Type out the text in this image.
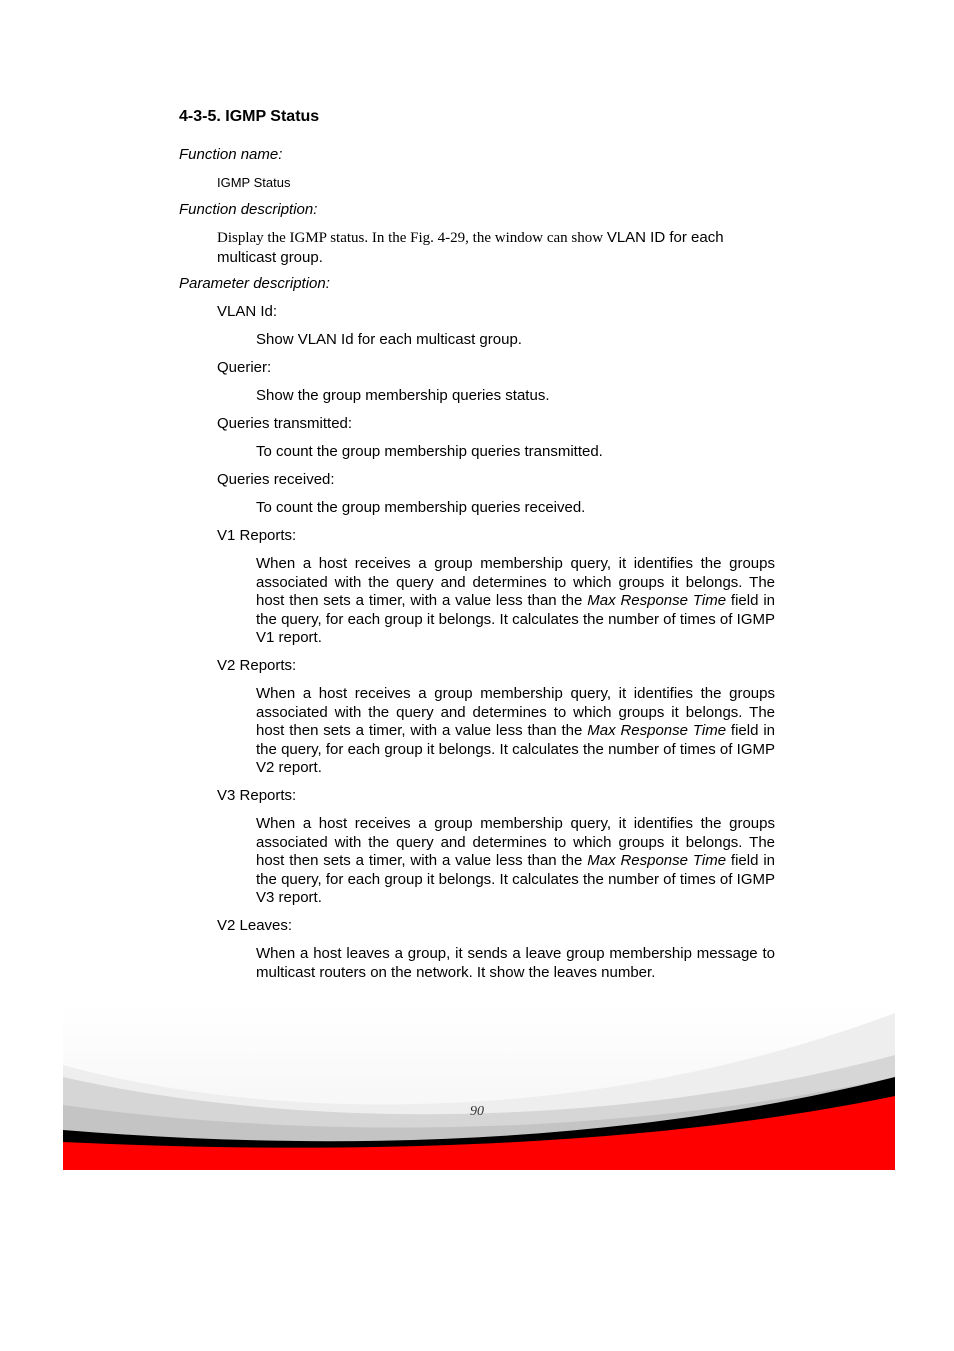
4-3-5. IGMP Status
Function name:
IGMP Status
Function description:
Display the IGMP status. In the Fig. 4-29, the window can show VLAN ID for each multicast group.
Parameter description:
VLAN Id:
Show VLAN Id for each multicast group.
Querier:
Show the group membership queries status.
Queries transmitted:
To count the group membership queries transmitted.
Queries received:
To count the group membership queries received.
V1 Reports:
When a host receives a group membership query, it identifies the groups associated with the query and determines to which groups it belongs. The host then sets a timer, with a value less than the Max Response Time field in the query, for each group it belongs. It calculates the number of times of IGMP V1 report.
V2 Reports:
When a host receives a group membership query, it identifies the groups associated with the query and determines to which groups it belongs. The host then sets a timer, with a value less than the Max Response Time field in the query, for each group it belongs. It calculates the number of times of IGMP V2 report.
V3 Reports:
When a host receives a group membership query, it identifies the groups associated with the query and determines to which groups it belongs. The host then sets a timer, with a value less than the Max Response Time field in the query, for each group it belongs. It calculates the number of times of IGMP V3 report.
V2 Leaves:
When a host leaves a group, it sends a leave group membership message to multicast routers on the network. It show the leaves number.
90
